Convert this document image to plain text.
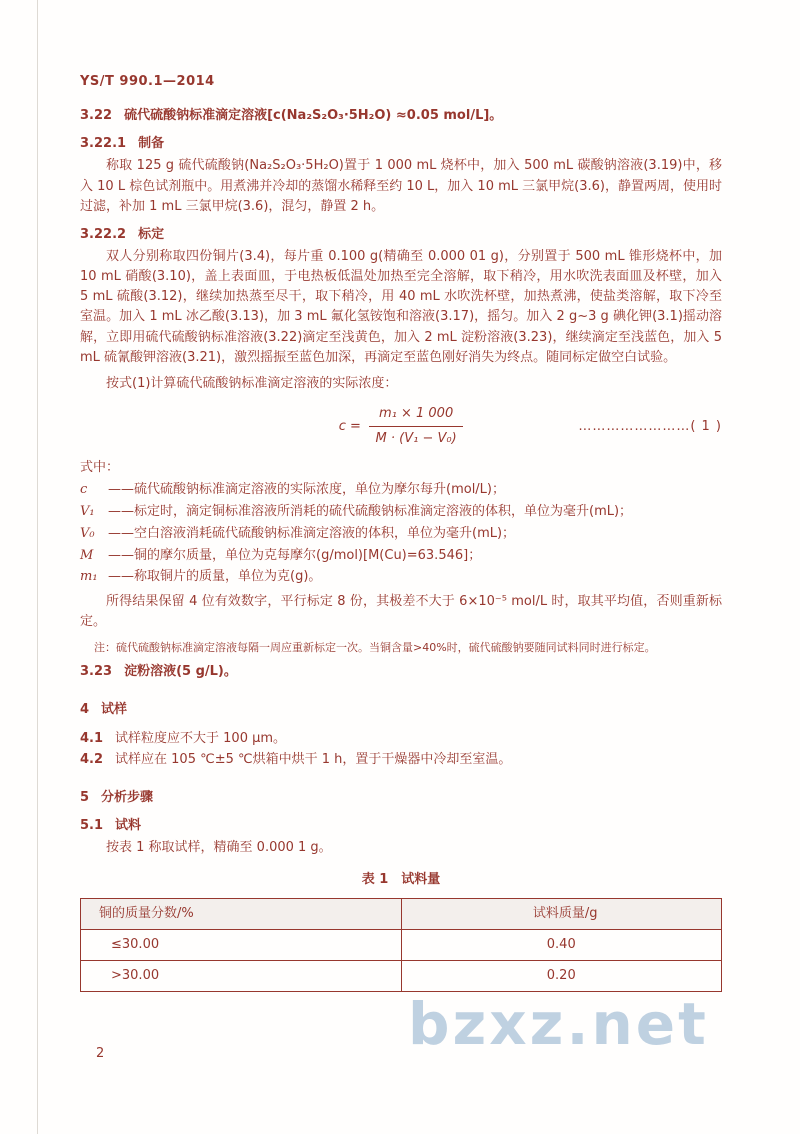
YS/T 990.1—2014

3.22 硫代硫酸钠标准滴定溶液[c(Na₂S₂O₃·5H₂O) ≈0.05 mol/L]。

3.22.1 制备

称取 125 g 硫代硫酸钠(Na₂S₂O₃·5H₂O)置于 1 000 mL 烧杯中，加入 500 mL 碳酸钠溶液(3.19)中，移入 10 L 棕色试剂瓶中。用煮沸并冷却的蒸馏水稀释至约 10 L，加入 10 mL 三氯甲烷(3.6)，静置两周，使用时过滤，补加 1 mL 三氯甲烷(3.6)，混匀，静置 2 h。

3.22.2 标定

双人分别称取四份铜片(3.4)，每片重 0.100 g(精确至 0.000 01 g)，分别置于 500 mL 锥形烧杯中，加 10 mL 硝酸(3.10)，盖上表面皿，于电热板低温处加热至完全溶解，取下稍冷，用水吹洗表面皿及杯壁，加入 5 mL 硫酸(3.12)，继续加热蒸至尽干，取下稍冷，用 40 mL 水吹洗杯壁，加热煮沸，使盐类溶解，取下冷至室温。加入 1 mL 冰乙酸(3.13)，加 3 mL 氟化氢铵饱和溶液(3.17)，摇匀。加入 2 g~3 g 碘化钾(3.1)摇动溶解，立即用硫代硫酸钠标准溶液(3.22)滴定至浅黄色，加入 2 mL 淀粉溶液(3.23)，继续滴定至浅蓝色，加入 5 mL 硫氰酸钾溶液(3.21)，激烈摇振至蓝色加深，再滴定至蓝色刚好消失为终点。随同标定做空白试验。

按式(1)计算硫代硫酸钠标准滴定溶液的实际浓度：

$c = \frac{\text{m₁ × 1 000}}{\text{M · (V₁ − V₀)}}$	……………………( 1 )

式中：

c ——硫代硫酸钠标准滴定溶液的实际浓度，单位为摩尔每升(mol/L)；

V₁ ——标定时，滴定铜标准溶液所消耗的硫代硫酸钠标准滴定溶液的体积，单位为毫升(mL)；

V₀ ——空白溶液消耗硫代硫酸钠标准滴定溶液的体积，单位为毫升(mL)；

M ——铜的摩尔质量，单位为克每摩尔(g/mol)[M(Cu)=63.546]；

m₁ ——称取铜片的质量，单位为克(g)。

所得结果保留 4 位有效数字，平行标定 8 份，其极差不大于 6×10⁻⁵ mol/L 时，取其平均值，否则重新标定。

注：硫代硫酸钠标准滴定溶液每隔一周应重新标定一次。当铜含量>40%时，硫代硫酸钠要随同试料同时进行标定。

3.23 淀粉溶液(5 g/L)。

4 试样

4.1 试样粒度应不大于 100 μm。

4.2 试样应在 105 ℃±5 ℃烘箱中烘干 1 h，置于干燥器中冷却至室温。

5 分析步骤

5.1 试料

按表 1 称取试样，精确至 0.000 1 g。

表 1　试料量

铜的质量分数/%	试料质量/g
≤30.00	0.40
>30.00	0.20
2	bzxz.net
